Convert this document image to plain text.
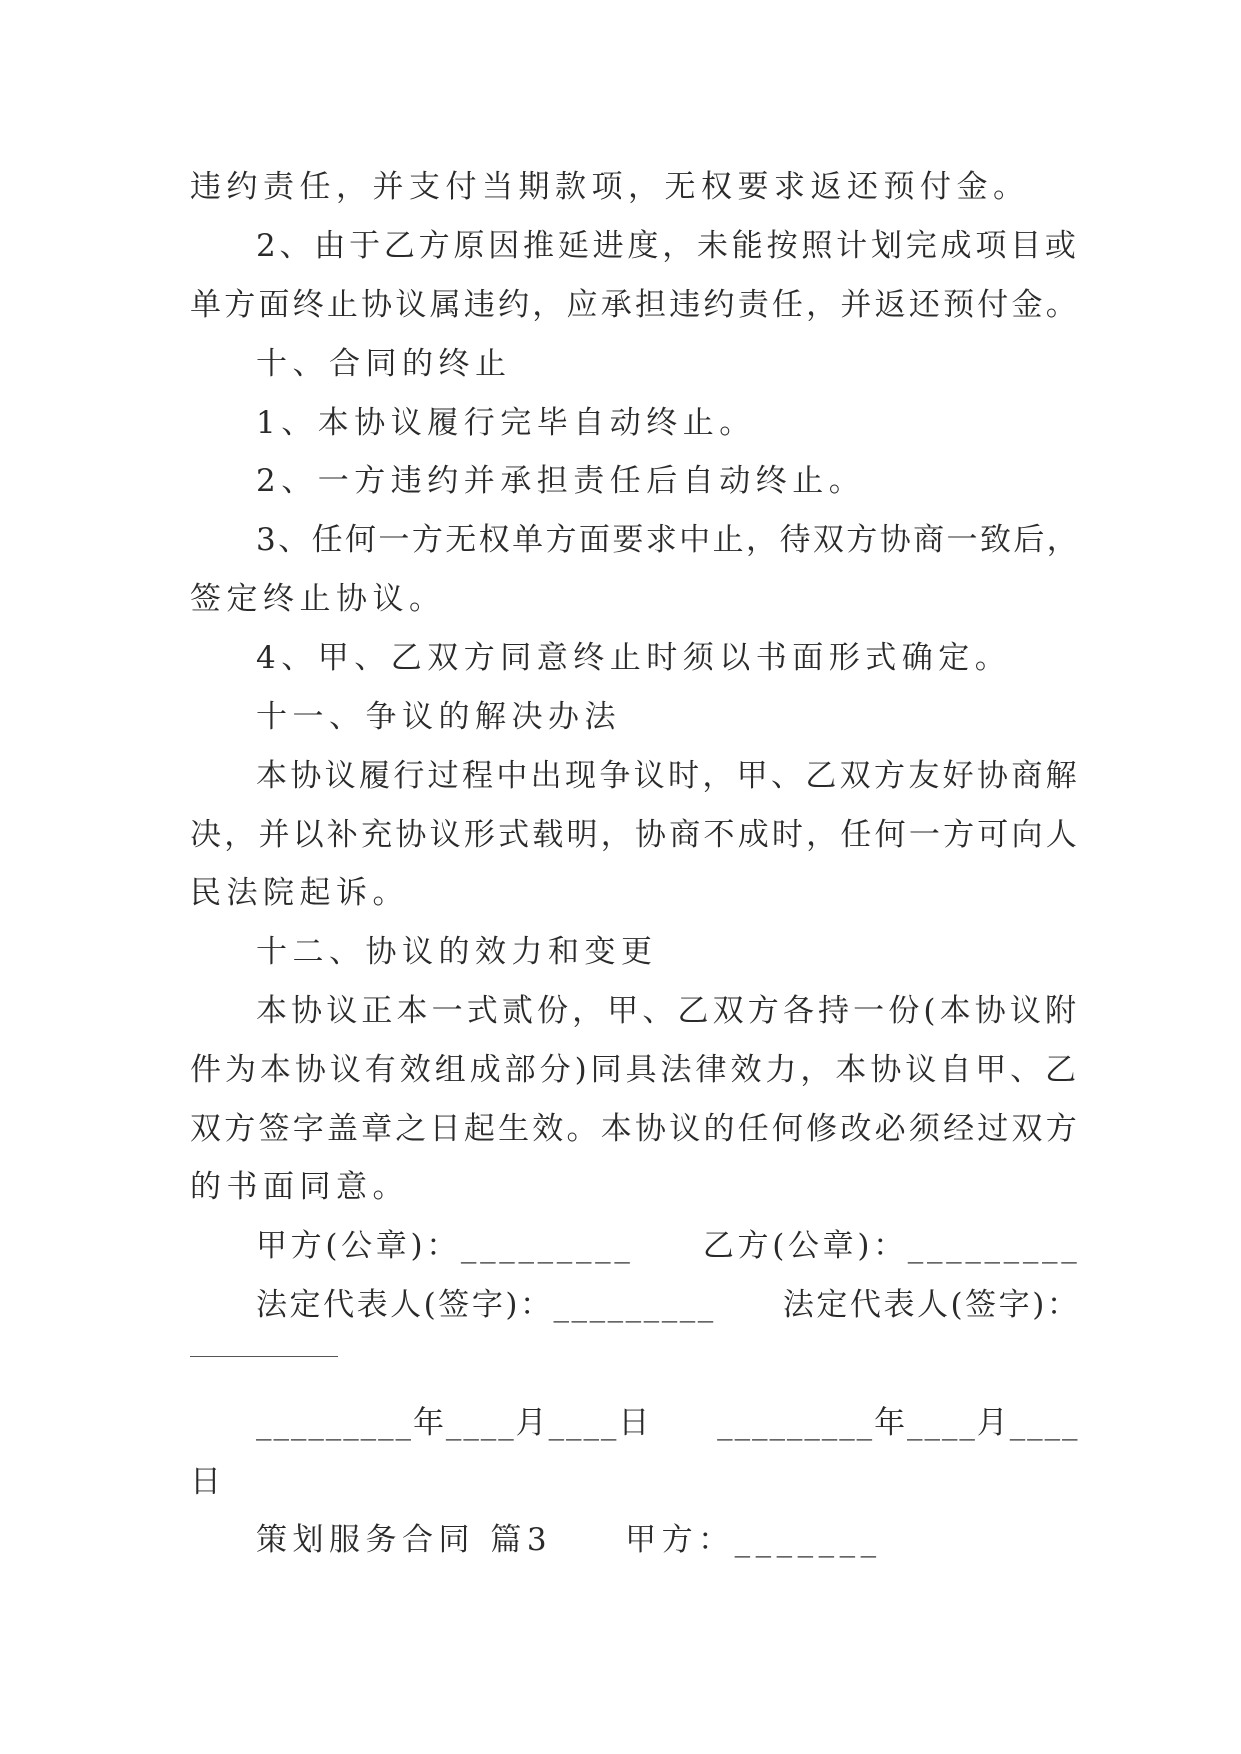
违约责任，并支付当期款项，无权要求返还预付金。
2、由于乙方原因推延进度，未能按照计划完成项目或
单方面终止协议属违约，应承担违约责任，并返还预付金。
十、合同的终止
1、本协议履行完毕自动终止。
2、一方违约并承担责任后自动终止。
3、任何一方无权单方面要求中止，待双方协商一致后，
签定终止协议。
4、甲、乙双方同意终止时须以书面形式确定。
十一、争议的解决办法
本协议履行过程中出现争议时，甲、乙双方友好协商解
决，并以补充协议形式载明，协商不成时，任何一方可向人
民法院起诉。
十二、协议的效力和变更
本协议正本一式贰份，甲、乙双方各持一份(本协议附
件为本协议有效组成部分)同具法律效力，本协议自甲、乙
双方签字盖章之日起生效。本协议的任何修改必须经过双方
的书面同意。
甲方(公章)：_________　　乙方(公章)：_________
法定代表人(签字)：_________　　法定代表人(签字)：
_________年____月____日　　_________年____月____
日
策划服务合同 篇3　　甲方：_______
